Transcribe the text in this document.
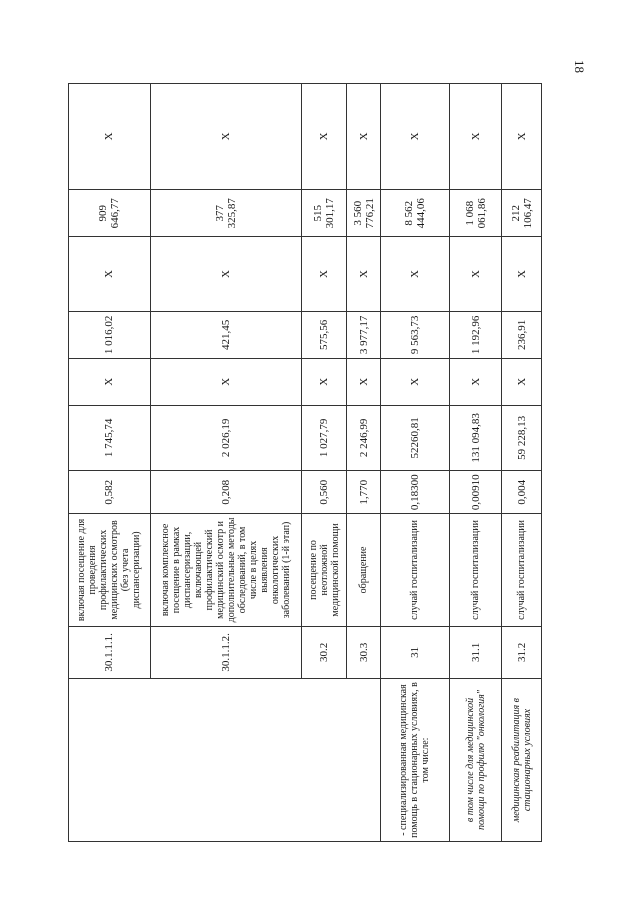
18
	30.1.1.1.	включая посещение для проведения профилактических медицинских осмотров (без учета диспансеризации)	0,582	1 745,74	X	1 016,02	X	909 646,77	X
	30.1.1.2.	включая комплексное посещение в рамках диспансеризации, включающей профилактический медицинский осмотр и дополнительные методы обследований, в том числе в целях выявления онкологических заболеваний (1-й этап)	0,208	2 026,19	X	421,45	X	377 325,87	X
	30.2	посещение по неотложной медицинской помощи	0,560	1 027,79	X	575,56	X	515 301,17	X
	30.3	обращение	1,770	2 246,99	X	3 977,17	X	3 560 776,21	X
- специализированная медицинская помощь в стационарных условиях, в том числе:	31	случай госпитализации	0,18300	52260,81	X	9 563,73	X	8 562 444,06	X
в том числе для медицинской помощи по профилю "онкология"	31.1	случай госпитализации	0,00910	131 094,83	X	1 192,96	X	1 068 061,86	X
медицинская реабилитация в стационарных условиях	31.2	случай госпитализации	0,004	59 228,13	X	236,91	X	212 106,47	X
